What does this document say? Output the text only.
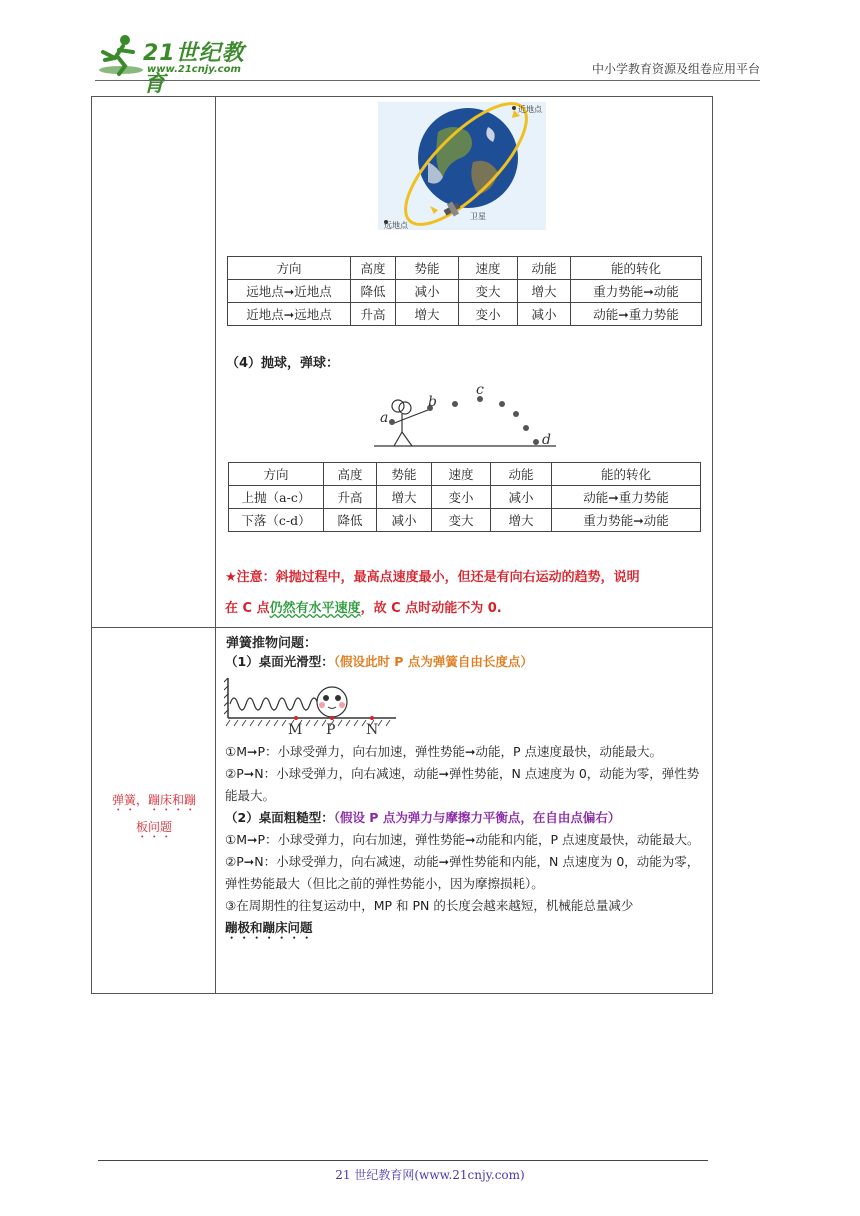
21世纪教育
www.21cnjy.com	中小学教育资源及组卷应用平台
弹簧，蹦床和蹦
板问题
近地点
远地点
卫星
方向	高度	势能	速度	动能	能的转化
远地点➞近地点	降低	减小	变大	增大	重力势能➞动能
近地点➞远地点	升高	增大	变小	减小	动能➞重力势能
（4）抛球，弹球：
a
b
c
d
方向	高度	势能	速度	动能	能的转化
上抛（a-c）	升高	增大	变小	减小	动能➞重力势能
下落（c-d）	降低	减小	变大	增大	重力势能➞动能
★注意：斜抛过程中，最高点速度最小，但还是有向右运动的趋势，说明
在 C 点仍然有水平速度，故 C 点时动能不为 0.
弹簧推物问题：
（1）桌面光滑型：（假设此时 P 点为弹簧自由长度点）
M P N

①M➞P：小球受弹力，向右加速，弹性势能➞动能，P 点速度最快，动能最大。

②P➞N：小球受弹力，向右减速，动能➞弹性势能，N 点速度为 0，动能为零，弹性势能最大。

（2）桌面粗糙型：（假设 P 点为弹力与摩擦力平衡点，在自由点偏右）

①M➞P：小球受弹力，向右加速，弹性势能➞动能和内能，P 点速度最快，动能最大。

②P➞N：小球受弹力，向右减速，动能➞弹性势能和内能，N 点速度为 0，动能为零，弹性势能最大（但比之前的弹性势能小，因为摩擦损耗）。

③在周期性的往复运动中，MP 和 PN 的长度会越来越短，机械能总量减少

蹦极和蹦床问题

21 世纪教育网(www.21cnjy.com)
